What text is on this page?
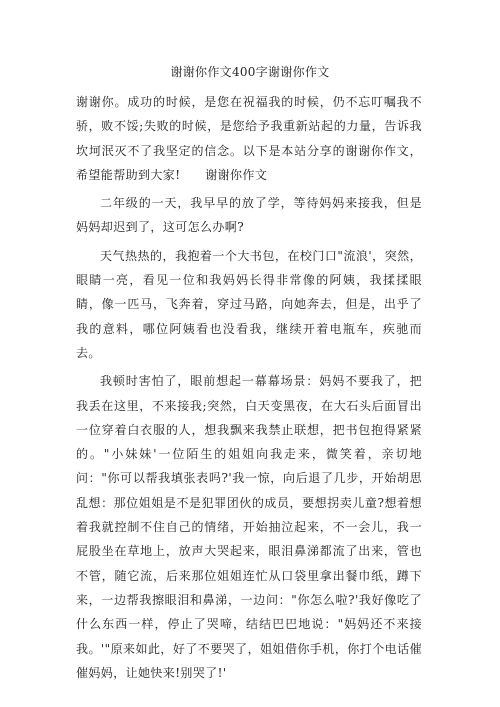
谢谢你作文400字谢谢你作文

谢谢你。成功的时候，是您在祝福我的时候，仍不忘叮嘱我不骄，败不馁;失败的时候，是您给予我重新站起的力量，告诉我坎坷泯灭不了我坚定的信念。以下是本站分享的谢谢你作文，希望能帮助到大家!　　谢谢你作文

二年级的一天，我早早的放了学，等待妈妈来接我，但是妈妈却迟到了，这可怎么办啊?

天气热热的，我抱着一个大书包，在校门口"流浪'，突然，眼睛一亮，看见一位和我妈妈长得非常像的阿姨，我揉揉眼睛，像一匹马，飞奔着，穿过马路，向她奔去，但是，出乎了我的意料，哪位阿姨看也没看我，继续开着电瓶车，疾驰而去。

我顿时害怕了，眼前想起一幕幕场景：妈妈不要我了，把我丢在这里，不来接我;突然，白天变黑夜，在大石头后面冒出一位穿着白衣服的人，想我飘来我禁止联想，把书包抱得紧紧的。"小妹妹'一位陌生的姐姐向我走来，微笑着，亲切地问："你可以帮我填张表吗?'我一惊，向后退了几步，开始胡思乱想：那位姐姐是不是犯罪团伙的成员，要想拐卖儿童?想着想着我就控制不住自己的情绪，开始抽泣起来，不一会儿，我一屁股坐在草地上，放声大哭起来，眼泪鼻涕都流了出来，管也不管，随它流，后来那位姐姐连忙从口袋里拿出餐巾纸，蹲下来，一边帮我擦眼泪和鼻涕，一边问："你怎么啦?'我好像吃了什么东西一样，停止了哭啼，结结巴巴地说："妈妈还不来接我。'"原来如此，好了不要哭了，姐姐借你手机，你打个电话催催妈妈，让她快来!别哭了!'
